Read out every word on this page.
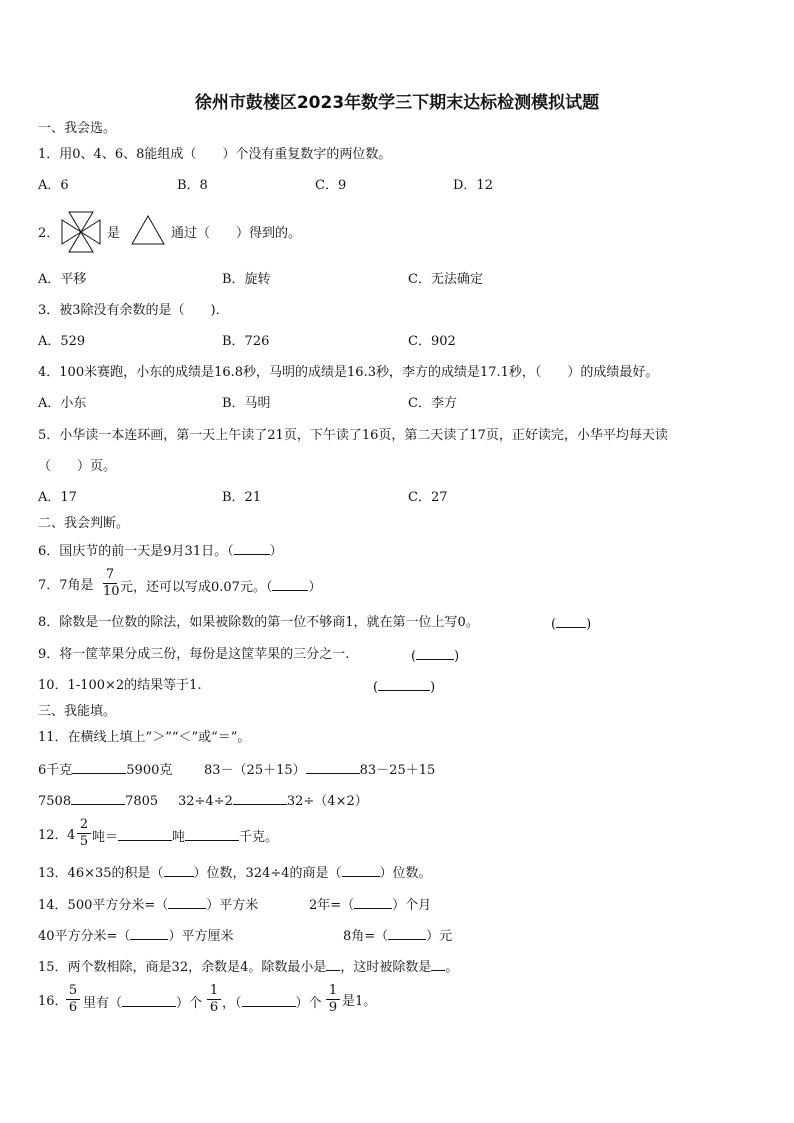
徐州市鼓楼区2023年数学三下期末达标检测模拟试题
一、我会选。
1．用0、4、6、8能组成（　　）个没有重复数字的两位数。
A．6	B．8	C．9	D．12
2．	是	通过（　　）得到的。
A．平移	B．旋转	C．无法确定
3．被3除没有余数的是（　　)．
A．529	B．726	C．902
4．100米赛跑，小东的成绩是16.8秒，马明的成绩是16.3秒，李方的成绩是17.1秒，（　　）的成绩最好。
A．小东	B．马明	C．李方
5．小华读一本连环画，第一天上午读了21页，下午读了16页，第二天读了17页，正好读完，小华平均每天读
（　　）页。
A．17	B．21	C．27
二、我会判断。
6．国庆节的前一天是9月31日。（	）
7．7角是
7
10 元，还可以写成0.07元。（	）
8．除数是一位数的除法，如果被除数的第一位不够商1，就在第一位上写0。	( )
9．将一筐苹果分成三份，每份是这筐苹果的三分之一.	(	)
10．1-100×2的结果等于1.	(	)
三、我能填。
11．在横线上填上“＞”“＜”或“＝”。
6千克	5900克 83－（25＋15）	83－25＋15
7508	7805 32÷4÷2	32÷（4×2）
12． 4
2
5 吨＝	吨	千克。
13．46×35的积是（ ）位数，324÷4的商是（	）位数。
14．500平方分米=（	）平方米	2年=（	）个月
40平方分米=（	）平方厘米	8角=（	）元
15．两个数相除，商是32，余数是4。除数最小是 ，这时被除数是 。
16．
5
6 里有（	）个
1
6 ，（	）个
1
9 是1。
